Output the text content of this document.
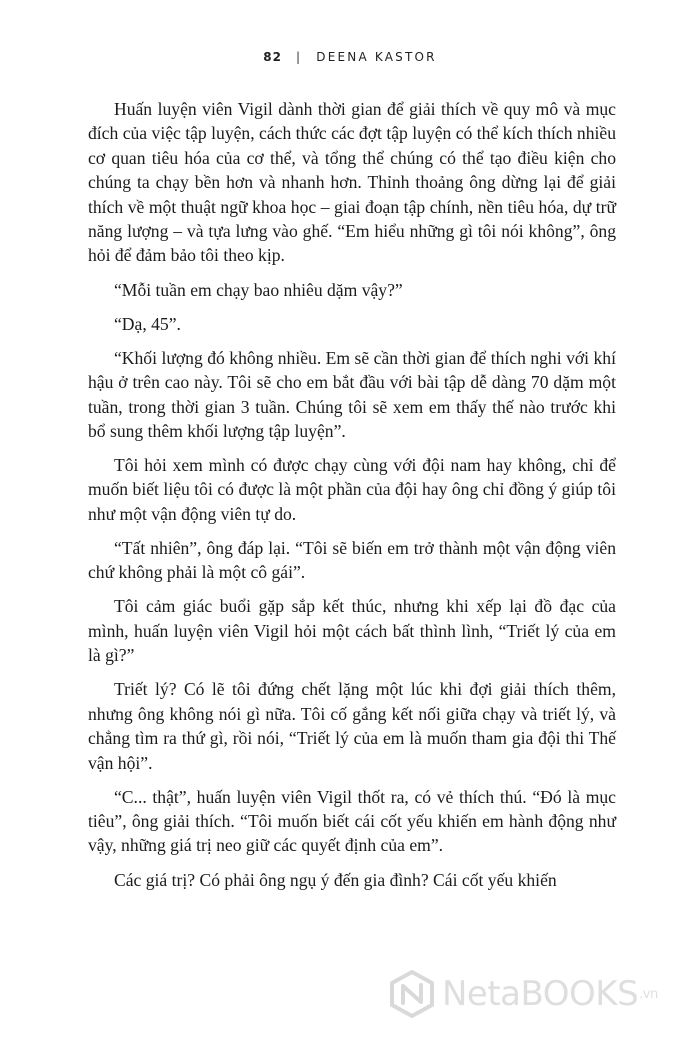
82 | DEENA KASTOR

Huấn luyện viên Vigil dành thời gian để giải thích về quy mô và mục đích của việc tập luyện, cách thức các đợt tập luyện có thể kích thích nhiều cơ quan tiêu hóa của cơ thể, và tổng thể chúng có thể tạo điều kiện cho chúng ta chạy bền hơn và nhanh hơn. Thỉnh thoảng ông dừng lại để giải thích về một thuật ngữ khoa học – giai đoạn tập chính, nền tiêu hóa, dự trữ năng lượng – và tựa lưng vào ghế. “Em hiểu những gì tôi nói không”, ông hỏi để đảm bảo tôi theo kịp.

“Mỗi tuần em chạy bao nhiêu dặm vậy?”

“Dạ, 45”.

“Khối lượng đó không nhiều. Em sẽ cần thời gian để thích nghi với khí hậu ở trên cao này. Tôi sẽ cho em bắt đầu với bài tập dễ dàng 70 dặm một tuần, trong thời gian 3 tuần. Chúng tôi sẽ xem em thấy thế nào trước khi bổ sung thêm khối lượng tập luyện”.

Tôi hỏi xem mình có được chạy cùng với đội nam hay không, chỉ để muốn biết liệu tôi có được là một phần của đội hay ông chỉ đồng ý giúp tôi như một vận động viên tự do.

“Tất nhiên”, ông đáp lại. “Tôi sẽ biến em trở thành một vận động viên chứ không phải là một cô gái”.

Tôi cảm giác buổi gặp sắp kết thúc, nhưng khi xếp lại đồ đạc của mình, huấn luyện viên Vigil hỏi một cách bất thình lình, “Triết lý của em là gì?”

Triết lý? Có lẽ tôi đứng chết lặng một lúc khi đợi giải thích thêm, nhưng ông không nói gì nữa. Tôi cố gắng kết nối giữa chạy và triết lý, và chẳng tìm ra thứ gì, rồi nói, “Triết lý của em là muốn tham gia đội thi Thế vận hội”.

“C... thật”, huấn luyện viên Vigil thốt ra, có vẻ thích thú. “Đó là mục tiêu”, ông giải thích. “Tôi muốn biết cái cốt yếu khiến em hành động như vậy, những giá trị neo giữ các quyết định của em”.

Các giá trị? Có phải ông ngụ ý đến gia đình? Cái cốt yếu khiến

NetaBOOKS .vn
